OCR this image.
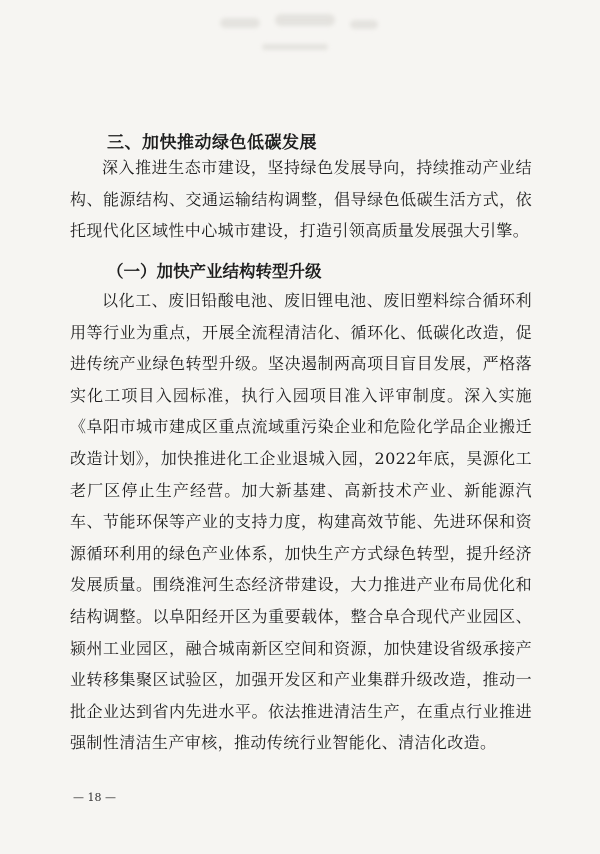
三、加快推动绿色低碳发展

深入推进生态市建设，坚持绿色发展导向，持续推动产业结构、能源结构、交通运输结构调整，倡导绿色低碳生活方式，依托现代化区域性中心城市建设，打造引领高质量发展强大引擎。

（一）加快产业结构转型升级

以化工、废旧铅酸电池、废旧锂电池、废旧塑料综合循环利用等行业为重点，开展全流程清洁化、循环化、低碳化改造，促进传统产业绿色转型升级。坚决遏制两高项目盲目发展，严格落实化工项目入园标准，执行入园项目准入评审制度。深入实施《阜阳市城市建成区重点流域重污染企业和危险化学品企业搬迁改造计划》，加快推进化工企业退城入园，2022年底，昊源化工老厂区停止生产经营。加大新基建、高新技术产业、新能源汽车、节能环保等产业的支持力度，构建高效节能、先进环保和资源循环利用的绿色产业体系，加快生产方式绿色转型，提升经济发展质量。围绕淮河生态经济带建设，大力推进产业布局优化和结构调整。以阜阳经开区为重要载体，整合阜合现代产业园区、颍州工业园区，融合城南新区空间和资源，加快建设省级承接产业转移集聚区试验区，加强开发区和产业集群升级改造，推动一批企业达到省内先进水平。依法推进清洁生产，在重点行业推进强制性清洁生产审核，推动传统行业智能化、清洁化改造。

— 18 —
